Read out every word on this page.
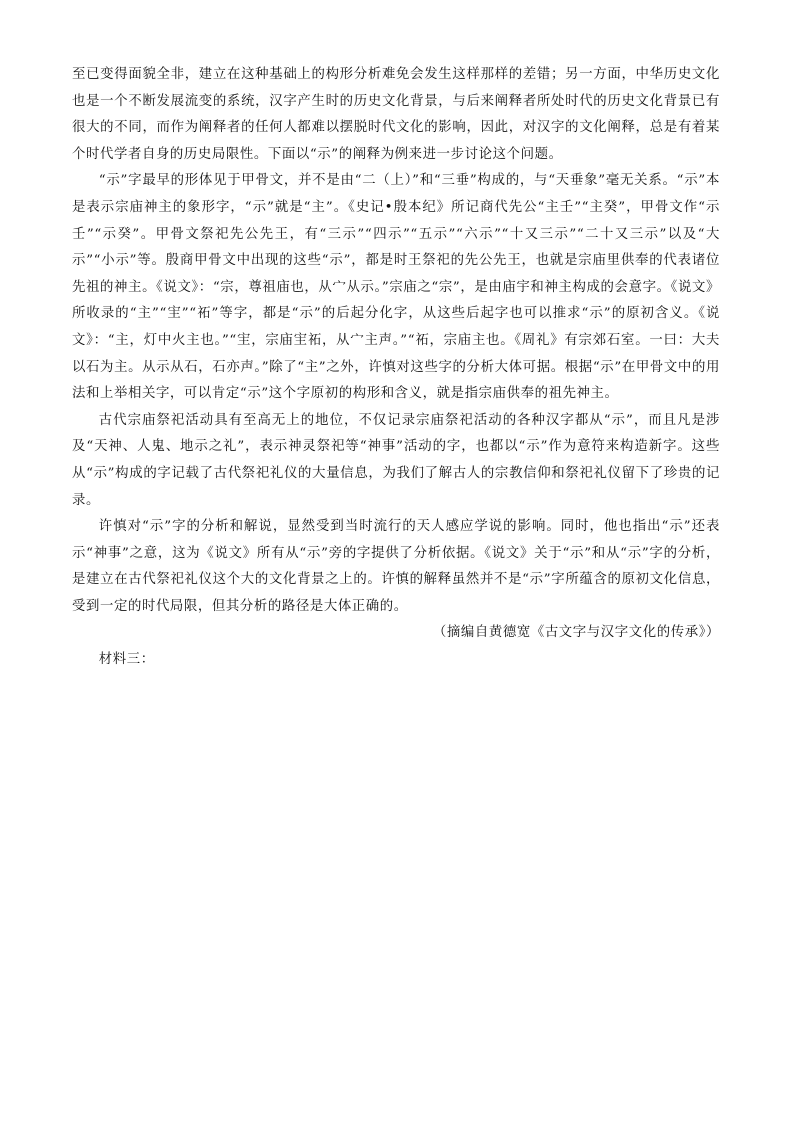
至已变得面貌全非，建立在这种基础上的构形分析难免会发生这样那样的差错；另一方面，中华历史文化也是一个不断发展流变的系统，汉字产生时的历史文化背景，与后来阐释者所处时代的历史文化背景已有很大的不同，而作为阐释者的任何人都难以摆脱时代文化的影响，因此，对汉字的文化阐释，总是有着某个时代学者自身的历史局限性。下面以“示”的阐释为例来进一步讨论这个问题。

“示”字最早的形体见于甲骨文，并不是由“二（上）”和“三垂”构成的，与“天垂象”毫无关系。“示”本是表示宗庙神主的象形字，“示”就是“主”。《史记•殷本纪》所记商代先公“主壬”“主癸”，甲骨文作“示壬”“示癸”。甲骨文祭祀先公先王，有“三示”“四示”“五示”“六示”“十又三示”“二十又三示”以及“大示”“小示”等。殷商甲骨文中出现的这些“示”，都是时王祭祀的先公先王，也就是宗庙里供奉的代表诸位先祖的神主。《说文》：“宗，尊祖庙也，从宀从示。”宗庙之“宗”，是由庙宇和神主构成的会意字。《说文》所收录的“主”“宔”“祏”等字，都是“示”的后起分化字，从这些后起字也可以推求“示”的原初含义。《说文》：“主，灯中火主也。”“宔，宗庙宔祏，从宀主声。”“祏，宗庙主也。《周礼》有宗郊石室。一曰：大夫以石为主。从示从石，石亦声。”除了“主”之外，许慎对这些字的分析大体可据。根据“示”在甲骨文中的用法和上举相关字，可以肯定“示”这个字原初的构形和含义，就是指宗庙供奉的祖先神主。

古代宗庙祭祀活动具有至高无上的地位，不仅记录宗庙祭祀活动的各种汉字都从“示”，而且凡是涉及“天神、人鬼、地示之礼”，表示神灵祭祀等“神事”活动的字，也都以“示”作为意符来构造新字。这些从“示”构成的字记载了古代祭祀礼仪的大量信息，为我们了解古人的宗教信仰和祭祀礼仪留下了珍贵的记录。

许慎对“示”字的分析和解说，显然受到当时流行的天人感应学说的影响。同时，他也指出“示”还表示“神事”之意，这为《说文》所有从“示”旁的字提供了分析依据。《说文》关于“示”和从“示”字的分析，是建立在古代祭祀礼仪这个大的文化背景之上的。许慎的解释虽然并不是“示”字所蕴含的原初文化信息，受到一定的时代局限，但其分析的路径是大体正确的。

（摘编自黄德宽《古文字与汉字文化的传承》）

材料三：
